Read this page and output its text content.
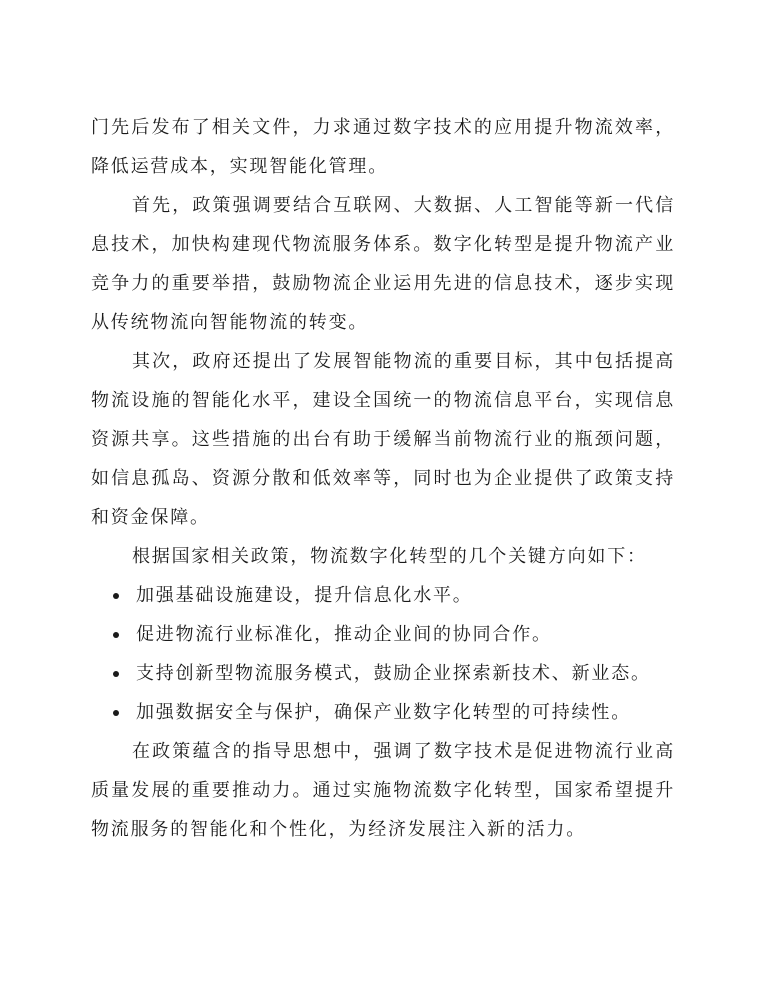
门先后发布了相关文件，力求通过数字技术的应用提升物流效率，降低运营成本，实现智能化管理。

首先，政策强调要结合互联网、大数据、人工智能等新一代信息技术，加快构建现代物流服务体系。数字化转型是提升物流产业竞争力的重要举措，鼓励物流企业运用先进的信息技术，逐步实现从传统物流向智能物流的转变。

其次，政府还提出了发展智能物流的重要目标，其中包括提高物流设施的智能化水平，建设全国统一的物流信息平台，实现信息资源共享。这些措施的出台有助于缓解当前物流行业的瓶颈问题，如信息孤岛、资源分散和低效率等，同时也为企业提供了政策支持和资金保障。

根据国家相关政策，物流数字化转型的几个关键方向如下：

加强基础设施建设，提升信息化水平。
促进物流行业标准化，推动企业间的协同合作。
支持创新型物流服务模式，鼓励企业探索新技术、新业态。
加强数据安全与保护，确保产业数字化转型的可持续性。

在政策蕴含的指导思想中，强调了数字技术是促进物流行业高质量发展的重要推动力。通过实施物流数字化转型，国家希望提升物流服务的智能化和个性化，为经济发展注入新的活力。
